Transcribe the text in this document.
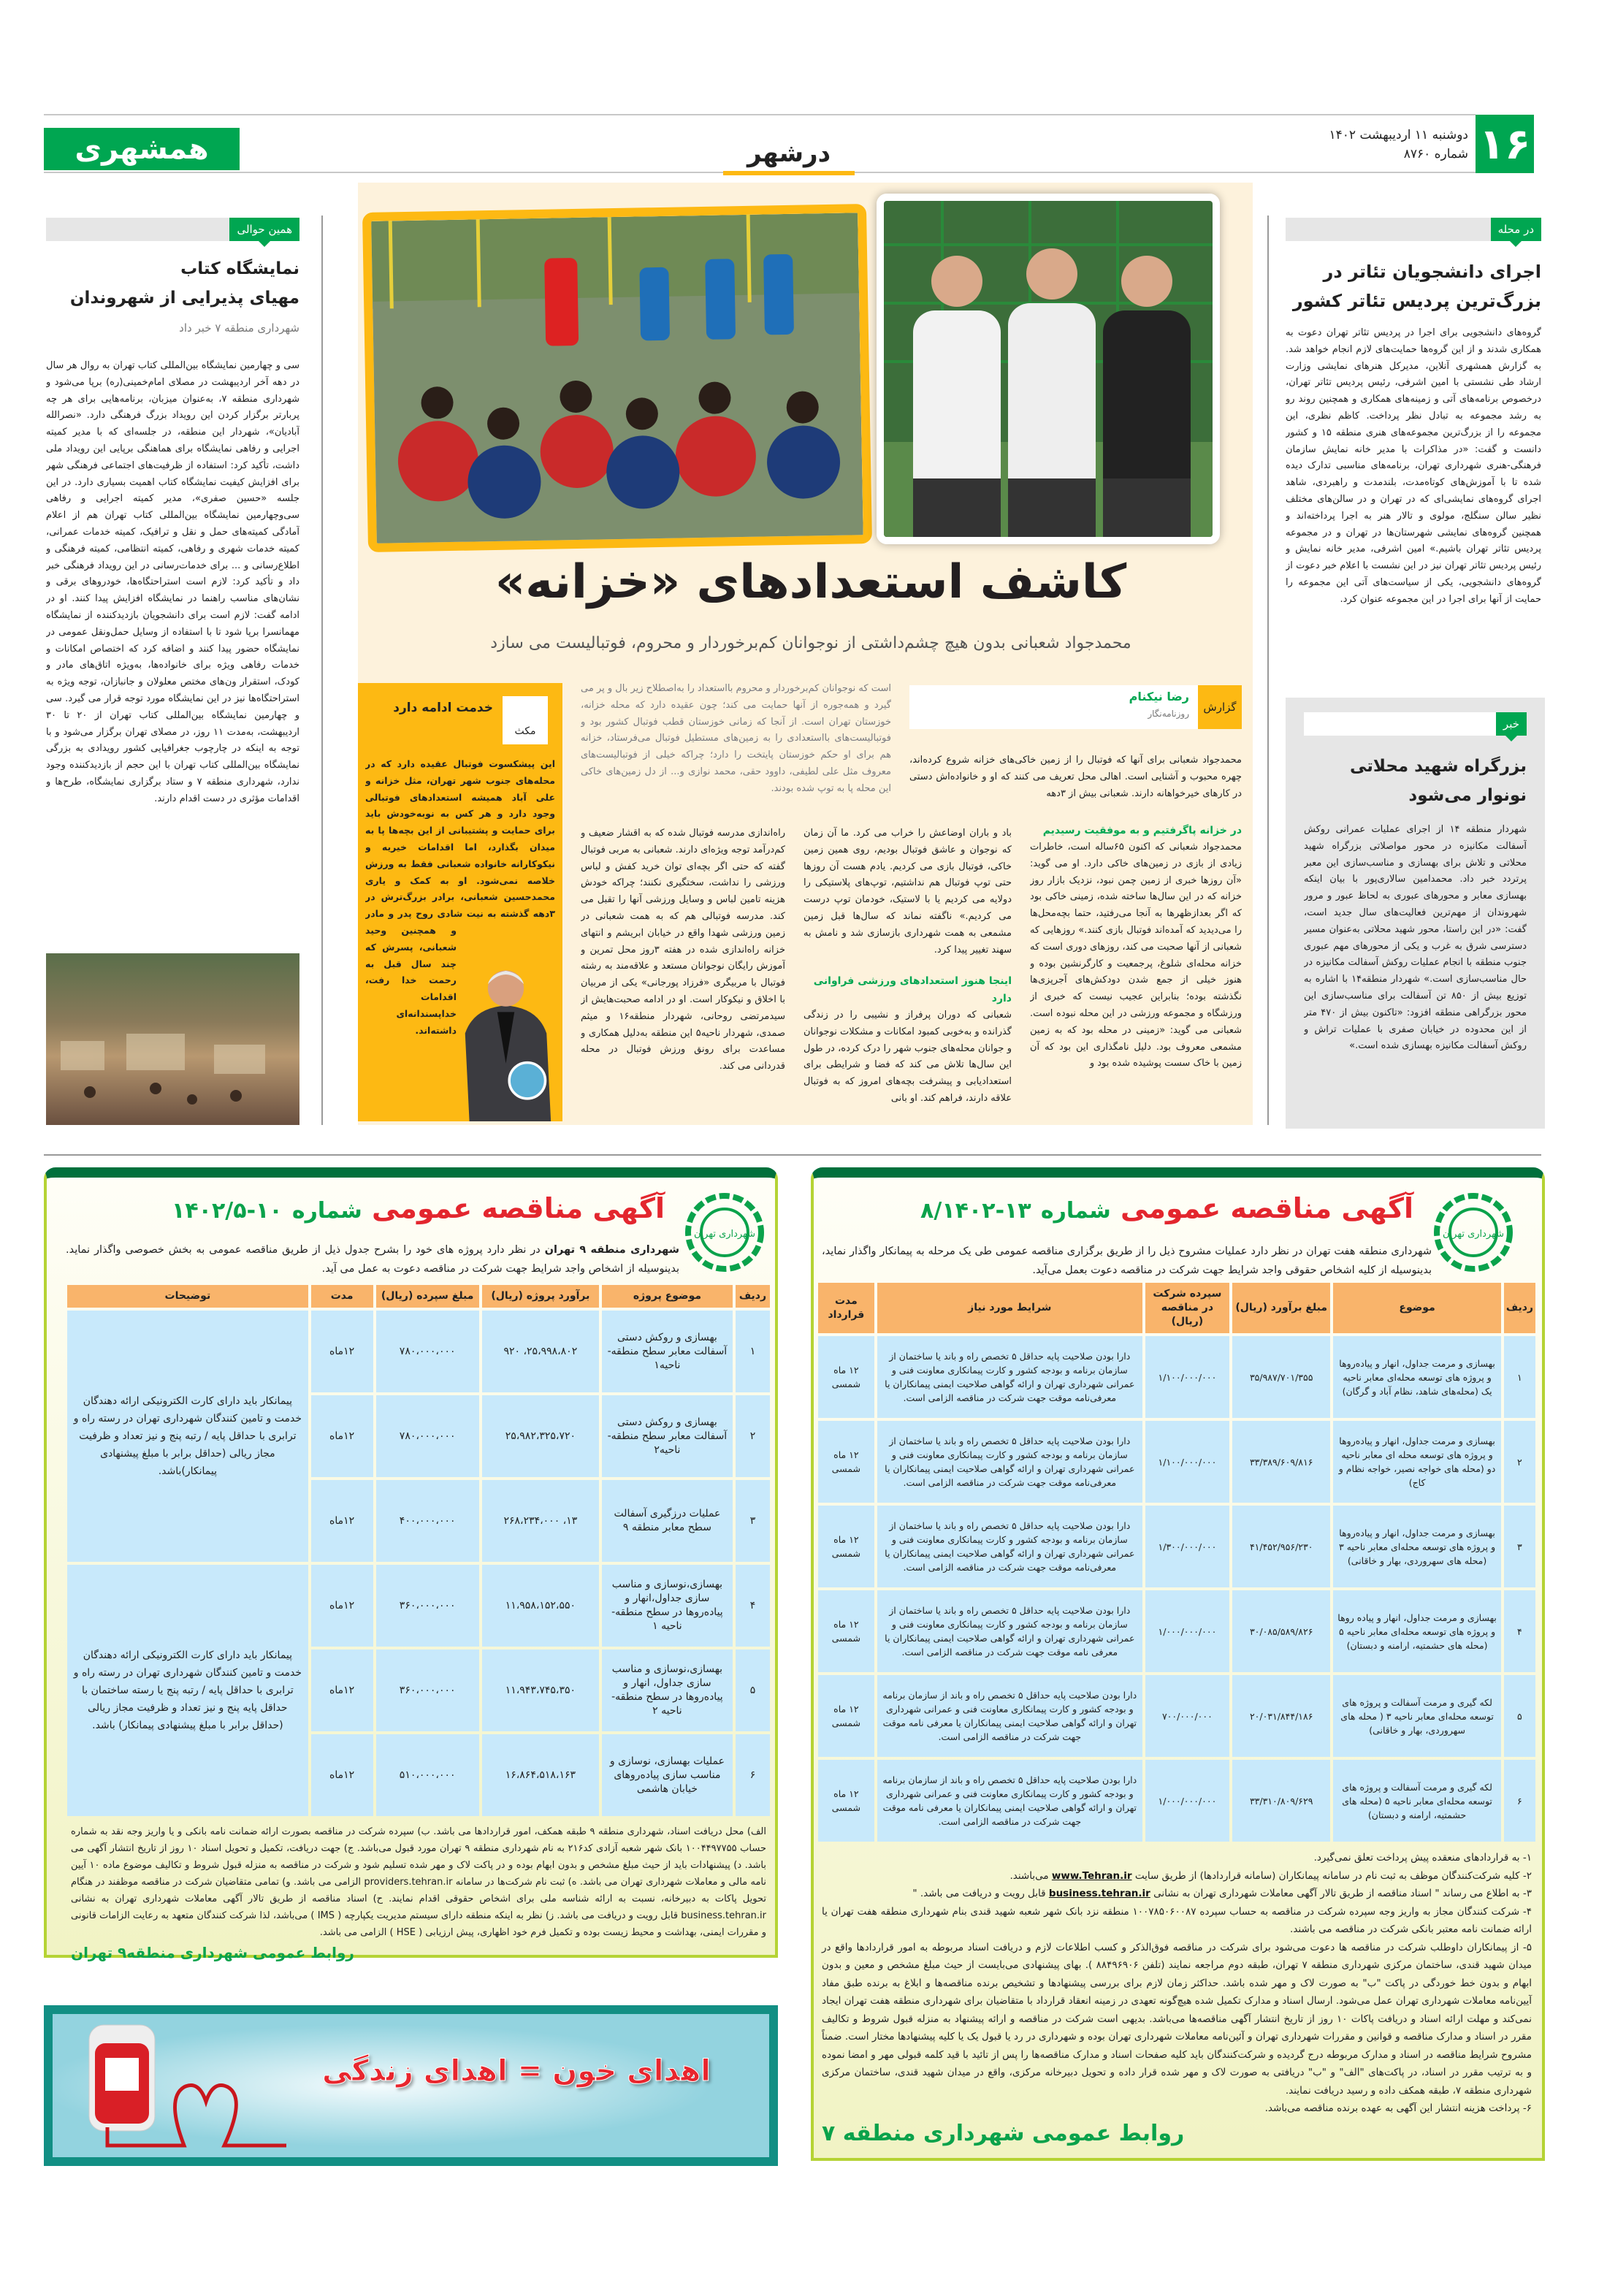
۱۶
دوشنبه ۱۱ اردیبهشت ۱۴۰۲
شماره ۸۷۶۰
همشهری	درشهر
در محله
اجرای دانشجویان تئاتر در بزرگ‌ترین پردیس تئاتر کشور
گروه‌های دانشجویی برای اجرا در پردیس تئاتر تهران دعوت به همکاری شدند و از این گروه‌ها حمایت‌های لازم انجام خواهد شد. به گزارش همشهری آنلاین، مدیرکل هنرهای نمایشی وزارت ارشاد طی نشستی با امین اشرفی، رئیس پردیس تئاتر تهران، درخصوص برنامه‌های آتی و زمینه‌های همکاری و همچنین روند رو به رشد مجموعه به تبادل نظر پرداخت. کاظم نظری، این مجموعه را از بزرگ‌ترین مجموعه‌های هنری منطقه ۱۵ و کشور دانست و گفت: «در مذاکرات با مدیر خانه نمایش سازمان فرهنگی-هنری شهرداری تهران، برنامه‌های مناسبی تدارک دیده شده تا با آموزش‌های کوتاه‌مدت، بلندمدت و راهبردی، شاهد اجرای گروه‌های نمایشی‌ای که در تهران و در سالن‌های مختلف نظیر سالن سنگلج، مولوی و تالار هنر به اجرا پرداخته‌اند و همچنین گروه‌های نمایشی شهرستان‌ها در تهران و در مجموعه پردیس تئاتر تهران باشیم.» امین اشرفی، مدیر خانه نمایش و رئیس پردیس تئاتر تهران نیز در این نشست با اعلام خبر دعوت از گروه‌های دانشجویی، یکی از سیاست‌های آتی این مجموعه را حمایت از آنها برای اجرا در این مجموعه عنوان کرد.
خبر
بزرگراه شهید محلاتی نونوار می‌شود
شهردار منطقه ۱۴ از اجرای عملیات عمرانی روکش آسفالت مکانیزه در محور مواصلاتی بزرگراه شهید محلاتی و تلاش برای بهسازی و مناسب‌سازی این معبر پرتردد خبر داد. محمدامین سالاری‌پور با بیان اینکه بهسازی معابر و محورهای عبوری به لحاظ عبور و مرور شهروندان از مهم‌ترین فعالیت‌های سال جدید است، گفت: «در این راستا، محور شهید محلاتی به‌عنوان مسیر دسترسی شرق به غرب و یکی از محورهای مهم عبوری جنوب منطقه با انجام عملیات روکش آسفالت مکانیزه در حال مناسب‌سازی است.» شهردار منطقه۱۴ با اشاره به توزیع بیش از ۸۵۰ تن آسفالت برای مناسب‌سازی این محور بزرگراهی منطقه افزود: «تاکنون بیش از ۴۷۰ متر از این محدوده در خیابان صفری با عملیات تراش و روکش آسفالت مکانیزه بهسازی شده است.»
همین حوالی
نمایشگاه کتاب
مهیای پذیرایی از شهروندان
شهرداری منطقه ۷ خبر داد
سی و چهارمین نمایشگاه بین‌المللی کتاب تهران به روال هر سال در دهه آخر اردیبهشت در مصلای امام‌خمینی(ره) برپا می‌شود و شهرداری منطقه ۷، به‌عنوان میزبان، برنامه‌هایی برای هر چه پربارتر برگزار کردن این رویداد بزرگ فرهنگی دارد. «نصرالله آبادیان»، شهردار این منطقه، در جلسه‌ای که با مدیر کمیته اجرایی و رفاهی نمایشگاه برای هماهنگی برپایی این رویداد ملی داشت، تأکید کرد: استفاده از ظرفیت‌های اجتماعی فرهنگی شهر برای افزایش کیفیت نمایشگاه کتاب اهمیت بسیاری دارد. در این جلسه «حسین صفری»، مدیر کمیته اجرایی و رفاهی سی‌وچهارمین نمایشگاه بین‌المللی کتاب تهران هم از اعلام آمادگی کمیته‌های حمل و نقل و ترافیک، کمیته خدمات عمرانی، کمیته خدمات شهری و رفاهی، کمیته انتظامی، کمیته فرهنگی و اطلاع‌رسانی و ... برای خدمات‌رسانی در این رویداد فرهنگی خبر داد و تأکید کرد: لازم است استراحتگاه‌ها، خودروهای برقی و نشان‌های مناسب راهنما در نمایشگاه افزایش پیدا کنند. او در ادامه گفت: لازم است برای دانشجویان بازدیدکننده از نمایشگاه مهمانسرا برپا شود تا با استفاده از وسایل حمل‌ونقل عمومی در نمایشگاه حضور پیدا کنند و اضافه کرد که اختصاص امکانات و خدمات رفاهی ویژه برای خانواده‌ها، به‌ویژه اتاق‌های مادر و کودک، استقرار ون‌های مختص معلولان و جانبازان، توجه ویژه به استراحتگاه‌ها نیز در این نمایشگاه مورد توجه قرار می گیرد. سی و چهارمین نمایشگاه بین‌المللی کتاب تهران از ۲۰ تا ۳۰ اردیبهشت، به‌مدت ۱۱ روز، در مصلای تهران برگزار می‌شود و با توجه به اینکه در چارچوب جغرافیایی کشور رویدادی به بزرگی نمایشگاه بین‌المللی کتاب تهران با این حجم از بازدیدکننده وجود ندارد، شهرداری منطقه ۷ و ستاد برگزاری نمایشگاه، طرح‌ها و اقدامات مؤثری در دست اقدام دارند.
کاشف استعدادهای «خزانه»
محمدجواد شعبانی بدون هیچ چشم‌داشتی از نوجوانان کم‌برخوردار و محروم، فوتبالیست می سازد
گزارش
رضا نیکنام
روزنامه‌نگار
محمدجواد شعبانی برای آنها که فوتبال را از زمین خاکی‌های خزانه شروع کرده‌اند، چهره محبوب و آشنایی است. اهالی محل تعریف می کنند که او و خانواده‌اش دستی در کارهای خیرخواهانه دارند. شعبانی بیش از ۳دهه
است که نوجوانان کم‌برخوردار و محروم بااستعداد را به‌اصطلاح زیر بال و پر می گیرد و همه‌جوره از آنها حمایت می کند؛ چون عقیده دارد که محله خزانه، خوزستان تهران است. از آنجا که زمانی خوزستان قطب فوتبال کشور بود و فوتبالیست‌های بااستعدادی را به زمین‌های مستطیل فوتبال می‌فرستاد، خزانه هم برای او حکم خوزستان پایتخت را دارد؛ چراکه خیلی از فوتبالیست‌های معروف مثل علی لطیفی، داوود حقی، محمد نوازی و... از دل زمین‌های خاکی این محله پا به توپ شده بودند.
در خزانه پاگرفتیم و به موفقیت رسیدیم
محمدجواد شعبانی که اکنون ۶۵ساله است، خاطرات زیادی از بازی در زمین‌های خاکی دارد. او می گوید: «آن روزها خبری از زمین چمن نبود، نزدیک بازار روز خزانه که در این سال‌ها ساخته شده، زمینی خاکی بود که اگر بعدازظهرها به آنجا می‌رفتید، حتما بچه‌محل‌ها را می‌دیدید که آمده‌اند فوتبال بازی کنند.» روزهایی که شعبانی از آنها صحبت می کند، روزهای دوری است که خزانه محله‌ای شلوغ، پرجمعیت و کارگرنشین بوده و هنوز خیلی از جمع شدن دودکش‌های آجرپزی‌ها نگذشته بوده؛ بنابراین عجیب نیست که خبری از ورزشگاه و مجموعه ورزشی در این محله نبوده است. شعبانی می گوید: «زمینی در محله بود که به زمین مشمعی معروف بود. دلیل نامگذاری این بود که آن زمین با خاک سست پوشیده شده بود و
باد و باران اوضاعش را خراب می کرد. ما آن زمان که نوجوان و عاشق فوتبال بودیم، روی همین زمین خاکی، فوتبال بازی می کردیم. یادم هست آن روزها حتی توپ فوتبال هم نداشتیم، توپ‌های پلاستیکی را دولایه می کردیم یا با لاستیک، خودمان توپ درست می کردیم.» ناگفته نماند که سال‌ها قبل زمین مشمعی به همت شهرداری بازسازی شد و نامش به سهند تغییر پیدا کرد.
اینجا هنوز استعدادهای ورزشی فراوانی دارد
شعبانی که دوران پرفراز و نشیبی را در زندگی گذرانده و به‌خوبی کمبود امکانات و مشکلات نوجوانان و جوانان محله‌های جنوب شهر را درک کرده، در طول این سال‌ها تلاش می کند که فضا و شرایطی برای استعدادیابی و پیشرفت بچه‌های امروز که به فوتبال علاقه دارند، فراهم کند. او بانی
راه‌اندازی مدرسه فوتبال شده که به اقشار ضعیف و کم‌درآمد توجه ویژه‌ای دارند. شعبانی به مربی فوتبال گفته که حتی اگر بچه‌ای توان خرید کفش و لباس ورزشی را نداشت، سختگیری نکنند؛ چراکه خودش هزینه تامین لباس و وسایل ورزشی آنها را تقبل می کند. مدرسه فوتبالی هم که به همت شعبانی در زمین ورزشی شهدا واقع در خیابان ابریشم و انتهای خزانه راه‌اندازی شده در هفته ۳روز محل تمرین و آموزش رایگان نوجوانان مستعد و علاقه‌مند به رشته فوتبال با مربیگری «فرزاد پورجانی» یکی از مربیان با اخلاق و نیکوکار است. او در ادامه صحبت‌هایش از سیدمرتضی روحانی، شهردار منطقه۱۶ و میثم صمدی، شهردار ناحیه۵ این منطقه به‌دلیل همکاری و مساعدت برای رونق ورزش فوتبال در محله قدردانی می کند.
مکث
خدمت ادامه دارد
این پیشکسوت فوتبال عقیده دارد که در محله‌های جنوب شهر تهران، مثل خزانه و علی آباد همیشه استعدادهای فوتبالی وجود دارد و هر کس به نوبه‌خودش باید برای حمایت و پشتیبانی از این بچه‌ها پا به میدان بگذارد، اما اقدامات خیریه و نیکوکارانه خانواده شعبانی فقط به ورزش خلاصه نمی‌شود. او به کمک و یاری محمدحسین شعبانی، برادر بزرگ‌ترش در ۳دهه گذشته به نیت شادی روح پدر و مادر و همچنین وحید شعبانی، پسرش که چند سال قبل به رحمت خدا رفت، اقدامات خداپسندانه‌ای داشته‌اند.
شهرداری تهران
آگهی مناقصه عمومی شماره ۱۳-۸/۱۴۰۲
شهرداری منطقه هفت تهران در نظر دارد عملیات مشروح ذیل را از طریق برگزاری مناقصه عمومی طی یک مرحله به پیمانکار واگذار نماید، بدینوسیله از کلیه اشخاص حقوقی واجد شرایط جهت شرکت در مناقصه دعوت بعمل می‌آید.
ردیف	موضوع	مبلغ برآورد (ریال)	سپرده شرکت در مناقصه (ریال)	شرایط مورد نیاز	مدت قرارداد
۱	بهسازی و مرمت جداول، انهار و پیاده‌روها و پروژه های توسعه محله‌ای معابر ناحیه یک (محله‌های شاهد، نظام آباد و گرگان)	۳۵/۹۸۷/۷۰۱/۳۵۵	۱/۱۰۰/۰۰۰/۰۰۰	دارا بودن صلاحیت پایه حداقل ۵ تخصص راه و باند یا ساختمان از سازمان برنامه و بودجه کشور و کارت پیمانکاری معاونت فنی و عمرانی شهرداری تهران و ارائه گواهی صلاحیت ایمنی پیمانکاران یا معرفی‌نامه موقت جهت شرکت در مناقصه الزامی است.	۱۲ ماه شمسی
۲	بهسازی و مرمت جداول، انهار و پیاده‌روها و پروژه های توسعه محله ای معابر ناحیه دو (محله های خواجه نصیر، خواجه نظام و کاج)	۳۳/۳۸۹/۶۰۹/۸۱۶	۱/۱۰۰/۰۰۰/۰۰۰	دارا بودن صلاحیت پایه حداقل ۵ تخصص راه و باند یا ساختمان از سازمان برنامه و بودجه کشور و کارت پیمانکاری معاونت فنی و عمرانی شهرداری تهران و ارائه گواهی صلاحیت ایمنی پیمانکاران یا معرفی‌نامه موقت جهت شرکت در مناقصه الزامی است.	۱۲ ماه شمسی
۳	بهسازی و مرمت جداول، انهار و پیاده‌روها و پروژه های توسعه محله‌ای معابر ناحیه ۳ (محله های سهروردی، بهار و خاقانی)	۴۱/۴۵۲/۹۵۶/۲۳۰	۱/۳۰۰/۰۰۰/۰۰۰	دارا بودن صلاحیت پایه حداقل ۵ تخصص راه و باند یا ساختمان از سازمان برنامه و بودجه کشور و کارت پیمانکاری معاونت فنی و عمرانی شهرداری تهران و ارائه گواهی صلاحیت ایمنی پیمانکاران یا معرفی‌نامه موقت جهت شرکت در مناقصه الزامی است.	۱۲ ماه شمسی
۴	بهسازی و مرمت جداول، انهار و پیاده روها و پروژه های توسعه محله‌ای معابر ناحیه ۵ (محله های حشمتیه، ارامنه و دبستان)	۳۰/۰۸۵/۵۸۹/۸۲۶	۱/۰۰۰/۰۰۰/۰۰۰	دارا بودن صلاحیت پایه حداقل ۵ تخصص راه و باند یا ساختمان از سازمان برنامه و بودجه کشور و کارت پیمانکاری معاونت فنی و عمرانی شهرداری تهران و ارائه گواهی صلاحیت ایمنی پیمانکاران یا معرفی نامه موقت جهت شرکت در مناقصه الزامی است.	۱۲ ماه شمسی
۵	لکه گیری و مرمت آسفالت و پروژه های توسعه محله‌ای معابر ناحیه ۳ ( محله های سهروردی، بهار و خاقانی)	۲۰/۰۳۱/۸۴۴/۱۸۶	۷۰۰/۰۰۰/۰۰۰	دارا بودن صلاحیت پایه حداقل ۵ تخصص راه و باند از سازمان برنامه و بودجه کشور و کارت پیمانکاری معاونت فنی و عمرانی شهرداری تهران و ارائه گواهی صلاحیت ایمنی پیمانکاران یا معرفی نامه موقت جهت شرکت در مناقصه الزامی است.	۱۲ ماه شمسی
۶	لکه گیری و مرمت آسفالت و پروژه های توسعه محله‌ای معابر ناحیه ۵ (محله های حشمتیه، ارامنه و دبستان)	۳۳/۳۱۰/۸۰۹/۶۲۹	۱/۰۰۰/۰۰۰/۰۰۰	دارا بودن صلاحیت پایه حداقل ۵ تخصص راه و باند از سازمان برنامه و بودجه کشور و کارت پیمانکاری معاونت فنی و عمرانی شهرداری تهران و ارائه گواهی صلاحیت ایمنی پیمانکاران یا معرفی نامه موقت جهت شرکت در مناقصه الزامی است.	۱۲ ماه شمسی
۱- به قراردادهای منعقده پیش پرداخت تعلق نمی‌گیرد.
۲- کلیه شرکت‌کنندگان موظف به ثبت نام در سامانه پیمانکاران (سامانه قراردادها) از طریق سایت www.Tehran.ir می‌باشند.
۳- به اطلاع می رساند " اسناد مناقصه از طریق تالار آگهی معاملات شهرداری تهران به نشانی business.tehran.ir قابل رویت و دریافت می باشد. "
۴- شرکت کنندگان مجاز به واریز وجه سپرده شرکت در مناقصه به حساب سپرده ۱۰۰۷۸۵۰۶۰۰۸۷ منطقه نزد بانک شهر شعبه شهید قندی بنام شهرداری منطقه هفت تهران یا ارائه ضمانت نامه معتبر بانکی شرکت در مناقصه می باشند.
۵- از پیمانکاران داوطلب شرکت در مناقصه ها دعوت می‌شود برای شرکت در مناقصه فوق‌الذکر و کسب اطلاعات لازم و دریافت اسناد مربوطه به امور قراردادها واقع در میدان شهید قندی، ساختمان مرکزی شهرداری منطقه ۷ تهران، طبقه دوم مراجعه نمایند (تلفن ۸۸۴۹۶۹۰۶ ). بهای پیشنهادی می‌بایست از حیث مبلغ مشخص و معین و بدون ابهام و بدون خط خوردگی در پاکت "ب" به صورت لاک و مهر شده باشد. حداکثر زمان لازم برای بررسی پیشنهادها و تشخیص برنده مناقصه‌ها و ابلاغ به برنده طبق مفاد آیین‌نامه معاملات شهرداری تهران عمل می‌شود. ارسال اسناد و مدارک تکمیل شده هیچ‌گونه تعهدی در زمینه انعقاد قرارداد با متقاضیان برای شهرداری منطقه هفت تهران ایجاد نمی‌کند و مهلت ارائه اسناد و دریافت پاکات ۱۰ روز از تاریخ انتشار آگهی مناقصه‌ها می‌باشد. بدیهی است شرکت در مناقصه و ارائه پیشنهاد به منزله قبول شروط و تکالیف مقرر در اسناد و مدارک مناقصه و قوانین و مقررات شهرداری تهران و آئین‌نامه معاملات شهرداری تهران بوده و شهرداری در رد یا قبول یک یا کلیه پیشنهادها مختار است. ضمناً مشروح شرایط مناقصه در اسناد و مدارک مربوطه درج گردیده و شرکت‌کنندگان باید کلیه صفحات اسناد و مدارک مناقصه‌ها را پس از تائید با قید کلمه قبولی مهر و امضا نموده و به ترتیب مقرر در اسناد، در پاکت‌های "الف" و "ب" دریافتی به صورت لاک و مهر شده قرار داده و تحویل دبیرخانه مرکزی، واقع در میدان شهید قندی، ساختمان مرکزی شهرداری منطقه ۷، طبقه همکف داده و رسید دریافت نمایند.
۶- پرداخت هزینه انتشار این آگهی به عهده برنده مناقصه می‌باشد.
روابط عمومی شهرداری منطقه ۷
شهرداری تهران
آگهی مناقصه عمومی شماره ۱۰-۱۴۰۲/۵
شهرداری منطقه ۹ تهران در نظر دارد پروژه های خود را بشرح جدول ذیل از طریق مناقصه عمومی به بخش خصوصی واگذار نماید. بدینوسیله از اشخاص واجد شرایط جهت شرکت در مناقصه دعوت به عمل می آید.
ردیف	موضوع پروژه	برآورد پروژه (ریال)	مبلغ سپرده (ریال)	مدت	توضیحات
۱	بهسازی و روکش دستی آسفالت معابر سطح منطقه-ناحیه۱	۲۵،۹۹۸،۸۰۲، ۹۲۰	۷۸۰،۰۰۰،۰۰۰	۱۲ماه	پیمانکار باید دارای کارت الکترونیکی ارائه دهندگان خدمت و تامین کنندگان شهرداری تهران در رسته راه و ترابری با حداقل پایه / رتبه پنج و نیز تعداد و ظرفیت مجاز ریالی (حداقل برابر با مبلغ پیشنهادی پیمانکار)باشد.
۲	بهسازی و روکش دستی آسفالت معابر سطح منطقه-ناحیه۲	۲۵،۹۸۲،۳۲۵،۷۲۰	۷۸۰،۰۰۰،۰۰۰	۱۲ماه	
۳	عملیات درزگیری آسفالت سطح معابر منطقه ۹	۱۳، ۲۶۸،۲۳۴،۰۰۰	۴۰۰،۰۰۰،۰۰۰	۱۲ماه	
۴	بهسازی،نوسازی و مناسب سازی جداول،انهار و پیاده‌روها در سطح منطقه-ناحیه ۱	۱۱،۹۵۸،۱۵۲،۵۵۰	۳۶۰،۰۰۰،۰۰۰	۱۲ماه	پیمانکار باید دارای کارت الکترونیکی ارائه دهندگان خدمت و تامین کنندگان شهرداری تهران در رسته راه و ترابری با حداقل پایه / رتبه پنج یا رسته ساختمان با حداقل پایه پنج و نیز تعداد و ظرفیت مجاز ریالی (حداقل برابر با مبلغ پیشنهادی پیمانکار) باشد.
۵	بهسازی،نوسازی و مناسب سازی جداول، انهار و پیاده‌روها در سطح منطقه-ناحیه ۲	۱۱،۹۴۳،۷۴۵،۳۵۰	۳۶۰،۰۰۰،۰۰۰	۱۲ماه	
۶	عملیات بهسازی، نوسازی و مناسب سازی پیاده‌روهای خیابان هاشمی	۱۶،۸۶۴،۵۱۸،۱۶۳	۵۱۰،۰۰۰،۰۰۰	۱۲ماه	
الف) محل دریافت اسناد، شهرداری منطقه ۹ طبقه همکف، امور قراردادها می باشد. ب) سپرده شرکت در مناقصه بصورت ارائه ضمانت نامه بانکی و یا واریز وجه نقد به شماره حساب ۱۰۰۴۴۹۷۷۵۵ بانک شهر شعبه آزادی کد۲۱۶ به نام شهرداری منطقه ۹ تهران مورد قبول می‌باشد. ج) جهت دریافت، تکمیل و تحویل اسناد ۱۰ روز از تاریخ انتشار آگهی می باشد. د) پیشنهادات باید از حیث مبلغ مشخص و بدون ابهام بوده و در پاکت لاک و مهر شده تسلیم شود و شرکت در مناقصه به منزله قبول شروط و تکالیف موضوع ماده ۱۰ آیین نامه مالی و معاملات شهرداری تهران می باشد. ه) ثبت نام شرکت‌ها در سامانه providers.tehran.ir الزامی می باشد. و) تمامی متقاضیان شرکت در مناقصه موظفند در هنگام تحویل پاکات به دبیرخانه، نسبت به ارائه شناسه ملی برای اشخاص حقوقی اقدام نمایند. ح) اسناد مناقصه از طریق تالار آگهی معاملات شهرداری تهران به نشانی business.tehran.ir قابل رویت و دریافت می باشد. ز) نظر به اینکه منطقه دارای سیستم مدیریت یکپارچه ( IMS ) می‌باشد، لذا شرکت کنندگان متعهد به رعایت الزامات قانونی و مقررات ایمنی، بهداشت و محیط زیست بوده و تکمیل فرم خود اظهاری، پیش ارزیابی ( HSE ) الزامی می باشد.
روابط عمومی شهرداری منطقه۹ تهران
اهدای خون = اهدای زندگی
